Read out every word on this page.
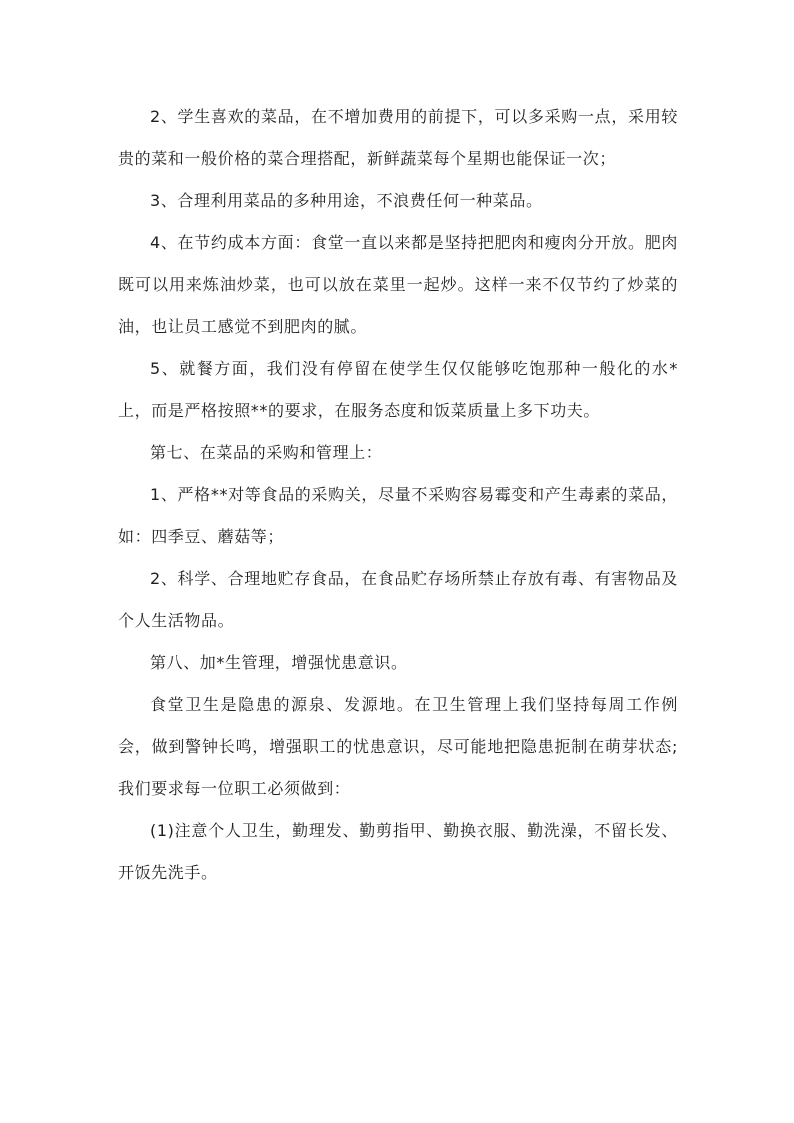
2、学生喜欢的菜品，在不增加费用的前提下，可以多采购一点，采用较贵的菜和一般价格的菜合理搭配，新鲜蔬菜每个星期也能保证一次；

3、合理利用菜品的多种用途，不浪费任何一种菜品。

4、在节约成本方面：食堂一直以来都是坚持把肥肉和瘦肉分开放。肥肉既可以用来炼油炒菜，也可以放在菜里一起炒。这样一来不仅节约了炒菜的油，也让员工感觉不到肥肉的腻。

5、就餐方面，我们没有停留在使学生仅仅能够吃饱那种一般化的水*上，而是严格按照**的要求，在服务态度和饭菜质量上多下功夫。

第七、在菜品的采购和管理上：

1、严格**对等食品的采购关，尽量不采购容易霉变和产生毒素的菜品，如：四季豆、蘑菇等；

2、科学、合理地贮存食品，在食品贮存场所禁止存放有毒、有害物品及个人生活物品。

第八、加*生管理，增强忧患意识。

食堂卫生是隐患的源泉、发源地。在卫生管理上我们坚持每周工作例会，做到警钟长鸣，增强职工的忧患意识，尽可能地把隐患扼制在萌芽状态;我们要求每一位职工必须做到：

(1)注意个人卫生，勤理发、勤剪指甲、勤换衣服、勤洗澡，不留长发、开饭先洗手。
